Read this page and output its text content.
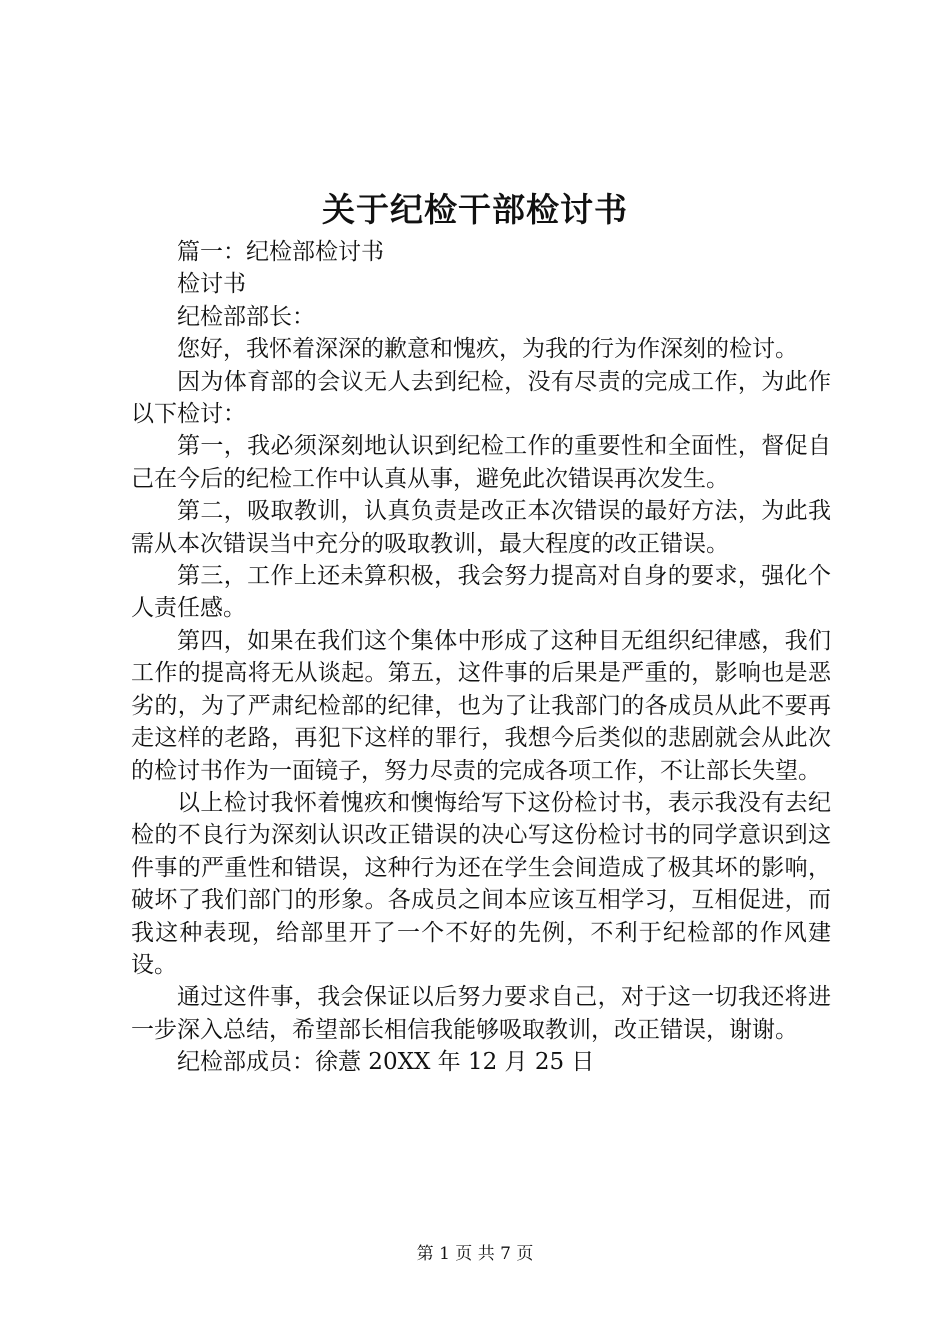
关于纪检干部检讨书

篇一：纪检部检讨书

检讨书

纪检部部长：

您好，我怀着深深的歉意和愧疚，为我的行为作深刻的检讨。

因为体育部的会议无人去到纪检，没有尽责的完成工作，为此作以下检讨：

第一，我必须深刻地认识到纪检工作的重要性和全面性，督促自己在今后的纪检工作中认真从事，避免此次错误再次发生。

第二，吸取教训，认真负责是改正本次错误的最好方法，为此我需从本次错误当中充分的吸取教训，最大程度的改正错误。

第三，工作上还未算积极，我会努力提高对自身的要求，强化个人责任感。

第四，如果在我们这个集体中形成了这种目无组织纪律感，我们工作的提高将无从谈起。第五，这件事的后果是严重的，影响也是恶劣的，为了严肃纪检部的纪律，也为了让我部门的各成员从此不要再走这样的老路，再犯下这样的罪行，我想今后类似的悲剧就会从此次的检讨书作为一面镜子，努力尽责的完成各项工作，不让部长失望。

以上检讨我怀着愧疚和懊悔给写下这份检讨书，表示我没有去纪检的不良行为深刻认识改正错误的决心写这份检讨书的同学意识到这件事的严重性和错误，这种行为还在学生会间造成了极其坏的影响，破坏了我们部门的形象。各成员之间本应该互相学习，互相促进，而我这种表现，给部里开了一个不好的先例，不利于纪检部的作风建设。

通过这件事，我会保证以后努力要求自己，对于这一切我还将进一步深入总结，希望部长相信我能够吸取教训，改正错误，谢谢。

纪检部成员：徐薏 20XX 年 12 月 25 日

第 1 页 共 7 页
